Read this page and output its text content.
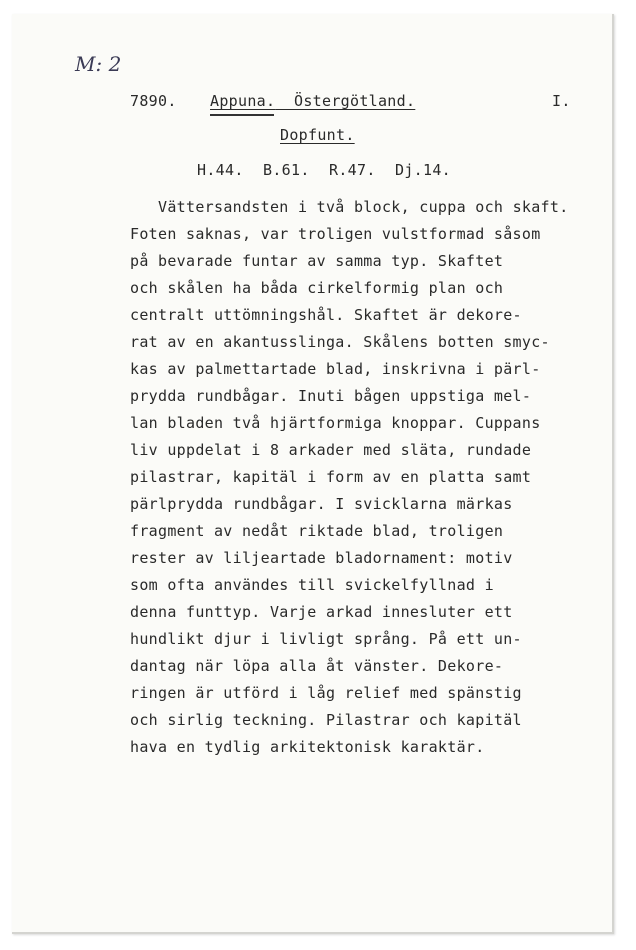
M: 2
7890. Appuna. Östergötland.	I.
Dopfunt.
H.44. B.61. R.47. Dj.14.
Vättersandsten i två block, cuppa och skaft.
Foten saknas, var troligen vulstformad såsom
på bevarade funtar av samma typ. Skaftet
och skålen ha båda cirkelformig plan och
centralt uttömningshål. Skaftet är dekore-
rat av en akantusslinga. Skålens botten smyc-
kas av palmettartade blad, inskrivna i pärl-
prydda rundbågar. Inuti bågen uppstiga mel-
lan bladen två hjärtformiga knoppar. Cuppans
liv uppdelat i 8 arkader med släta, rundade
pilastrar, kapitäl i form av en platta samt
pärlprydda rundbågar. I svicklarna märkas
fragment av nedåt riktade blad, troligen
rester av liljeartade bladornament: motiv
som ofta användes till svickelfyllnad i
denna funttyp. Varje arkad innesluter ett
hundlikt djur i livligt språng. På ett un-
dantag när löpa alla åt vänster. Dekore-
ringen är utförd i låg relief med spänstig
och sirlig teckning. Pilastrar och kapitäl
hava en tydlig arkitektonisk karaktär.
